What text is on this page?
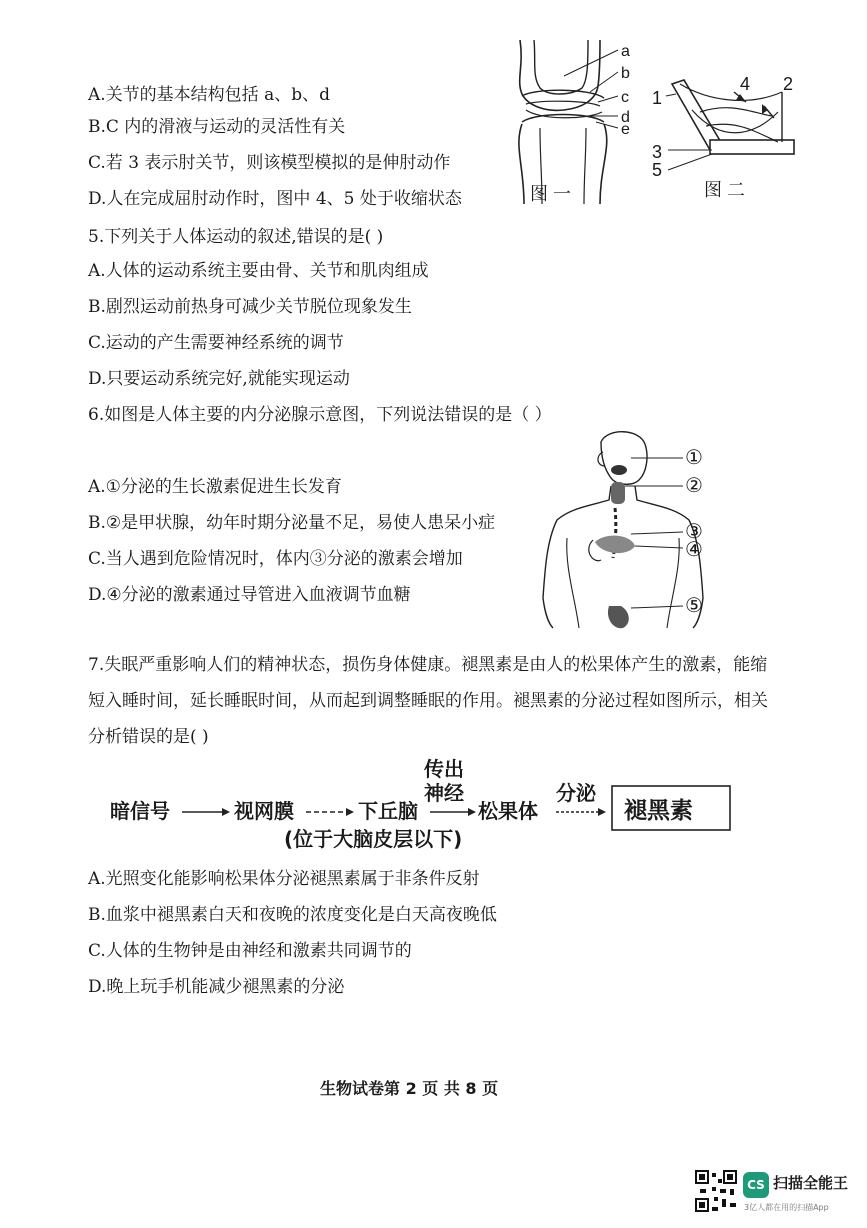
A.关节的基本结构包括 a、b、d
B.C 内的滑液与运动的灵活性有关
C.若 3 表示肘关节，则该模型模拟的是伸肘动作
D.人在完成屈肘动作时，图中 4、5 处于收缩状态
a
b
c
d
e
图 一
1
2
3
4
5
图 二
5.下列关于人体运动的叙述,错误的是( )
A.人体的运动系统主要由骨、关节和肌肉组成
B.剧烈运动前热身可减少关节脱位现象发生
C.运动的产生需要神经系统的调节
D.只要运动系统完好,就能实现运动
6.如图是人体主要的内分泌腺示意图，下列说法错误的是（ ）
A.①分泌的生长激素促进生长发育
B.②是甲状腺，幼年时期分泌量不足，易使人患呆小症
C.当人遇到危险情况时，体内③分泌的激素会增加
D.④分泌的激素通过导管进入血液调节血糖
①
②
③
④
⑤
7.失眠严重影响人们的精神状态，损伤身体健康。褪黑素是由人的松果体产生的激素，能缩
短入睡时间，延长睡眠时间，从而起到调整睡眠的作用。褪黑素的分泌过程如图所示，相关
分析错误的是( )
暗信号	视网膜	下丘脑
(位于大脑皮层以下)
传出
神经
松果体
分泌
褪黑素
A.光照变化能影响松果体分泌褪黑素属于非条件反射
B.血浆中褪黑素白天和夜晚的浓度变化是白天高夜晚低
C.人体的生物钟是由神经和激素共同调节的
D.晚上玩手机能减少褪黑素的分泌
生物试卷第 2 页 共 8 页
CS 扫描全能王
3亿人都在用的扫描App
